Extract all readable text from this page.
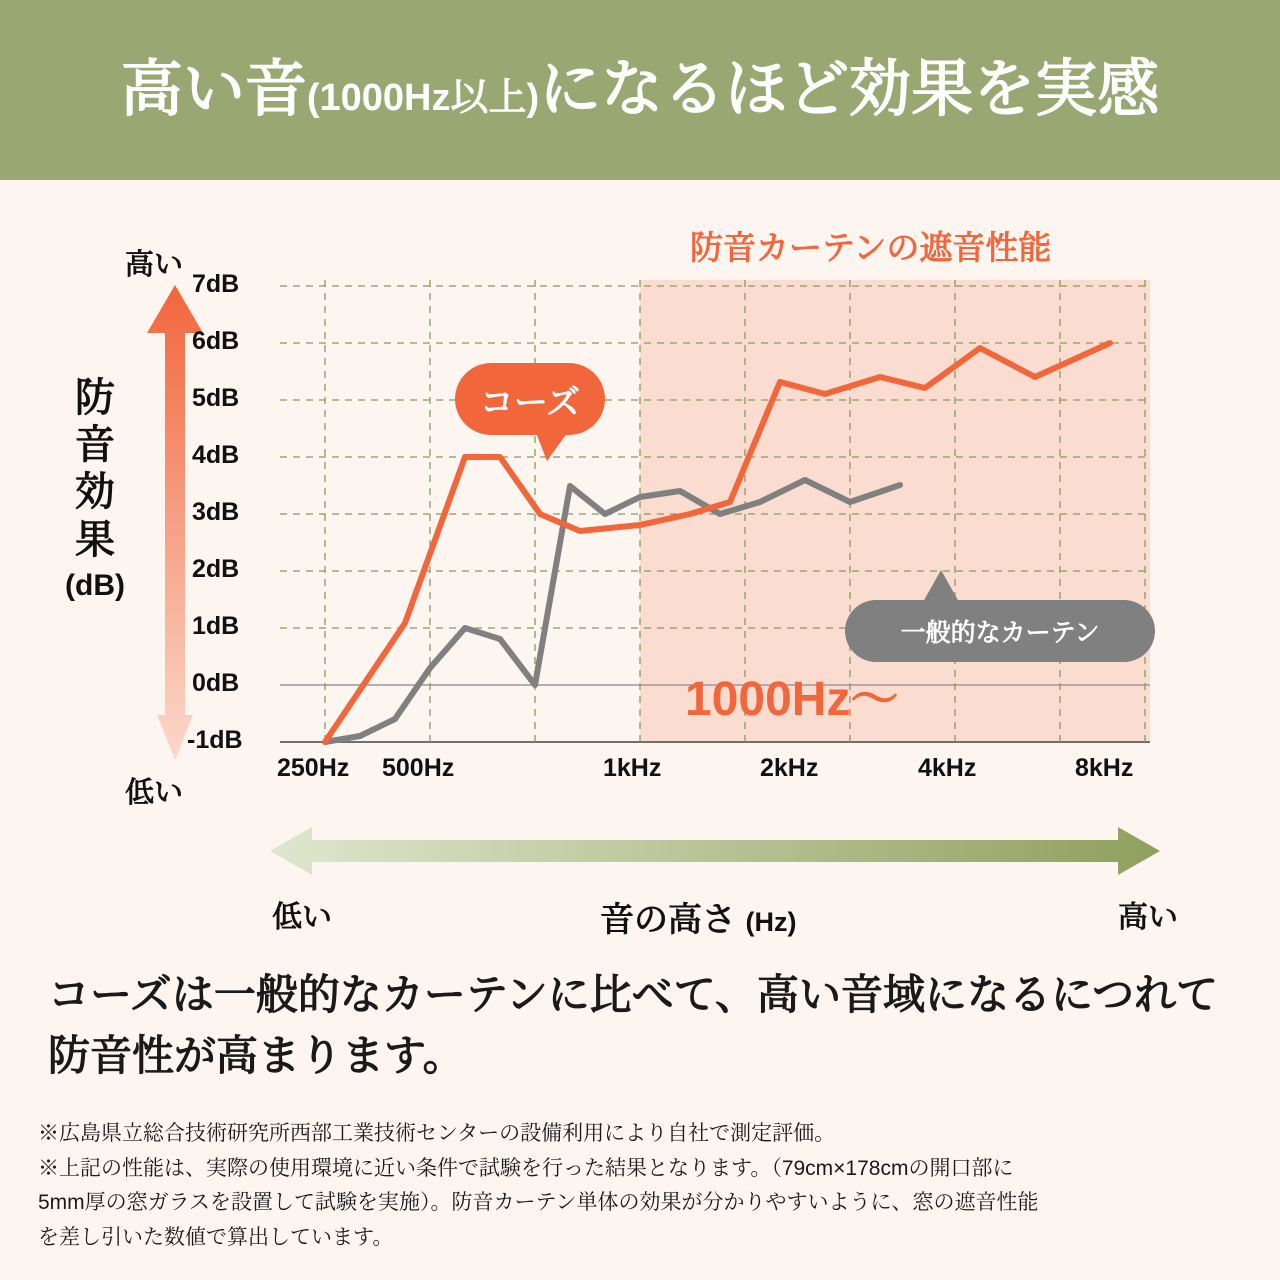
高い音(1000Hz以上)になるほど効果を実感
防音カーテンの遮音性能
高い
低い
防音効果
(dB)
7dB
6dB
5dB
4dB
3dB
2dB
1dB
0dB
-1dB
250Hz 500Hz	1kHz	2kHz	4kHz	8kHz
コーズ
一般的なカーテン
1000Hz〜
低い	音の高さ (Hz)	高い
コーズは一般的なカーテンに比べて、高い音域になるにつれて防音性が高まります。

※広島県立総合技術研究所西部工業技術センターの設備利用により自社で測定評価。

※上記の性能は、実際の使用環境に近い条件で試験を行った結果となります。（79cm×178cmの開口部に

5mm厚の窓ガラスを設置して試験を実施）。防音カーテン単体の効果が分かりやすいように、窓の遮音性能

を差し引いた数値で算出しています。
